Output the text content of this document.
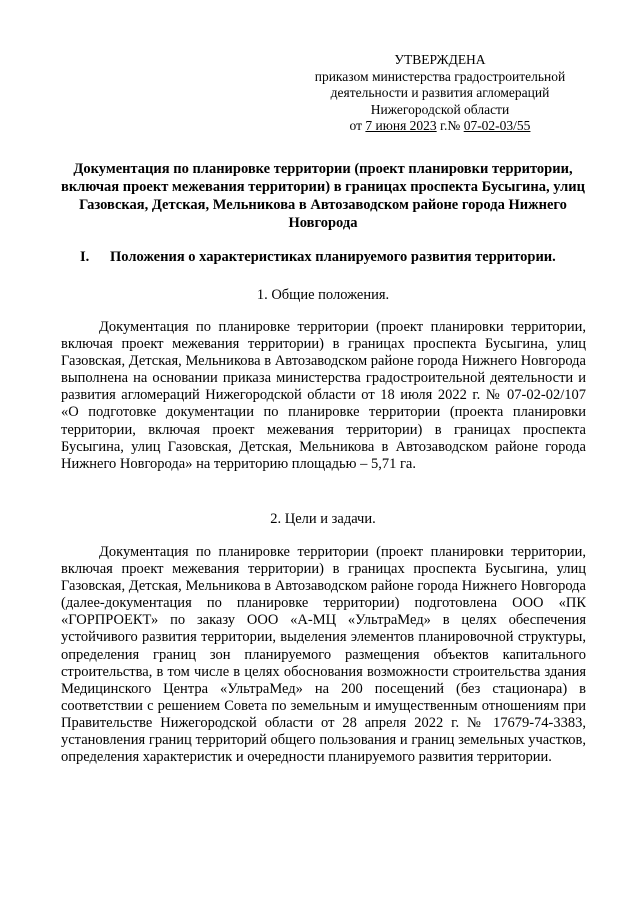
УТВЕРЖДЕНА
приказом министерства градостроительной
деятельности и развития агломераций
Нижегородской области
от 7 июня 2023 г.№ 07-02-03/55
Документация по планировке территории (проект планировки территории, включая проект межевания территории) в границах проспекта Бусыгина, улиц Газовская, Детская, Мельникова в Автозаводском районе города Нижнего Новгорода
I. Положения о характеристиках планируемого развития территории.
1. Общие положения.

Документация по планировке территории (проект планировки территории, включая проект межевания территории) в границах проспекта Бусыгина, улиц Газовская, Детская, Мельникова в Автозаводском районе города Нижнего Новгорода выполнена на основании приказа министерства градостроительной деятельности и развития агломераций Нижегородской области от 18 июля 2022 г. № 07-02-02/107 «О подготовке документации по планировке территории (проекта планировки территории, включая проект межевания территории) в границах проспекта Бусыгина, улиц Газовская, Детская, Мельникова в Автозаводском районе города Нижнего Новгорода» на территорию площадью – 5,71 га.

2. Цели и задачи.

Документация по планировке территории (проект планировки территории, включая проект межевания территории) в границах проспекта Бусыгина, улиц Газовская, Детская, Мельникова в Автозаводском районе города Нижнего Новгорода (далее-документация по планировке территории) подготовлена ООО «ПК «ГОРПРОЕКТ» по заказу ООО «А-МЦ «УльтраМед» в целях обеспечения устойчивого развития территории, выделения элементов планировочной структуры, определения границ зон планируемого размещения объектов капитального строительства, в том числе в целях обоснования возможности строительства здания Медицинского Центра «УльтраМед» на 200 посещений (без стационара) в соответствии с решением Совета по земельным и имущественным отношениям при Правительстве Нижегородской области от 28 апреля 2022 г. № 17679-74-3383, установления границ территорий общего пользования и границ земельных участков, определения характеристик и очередности планируемого развития территории.
